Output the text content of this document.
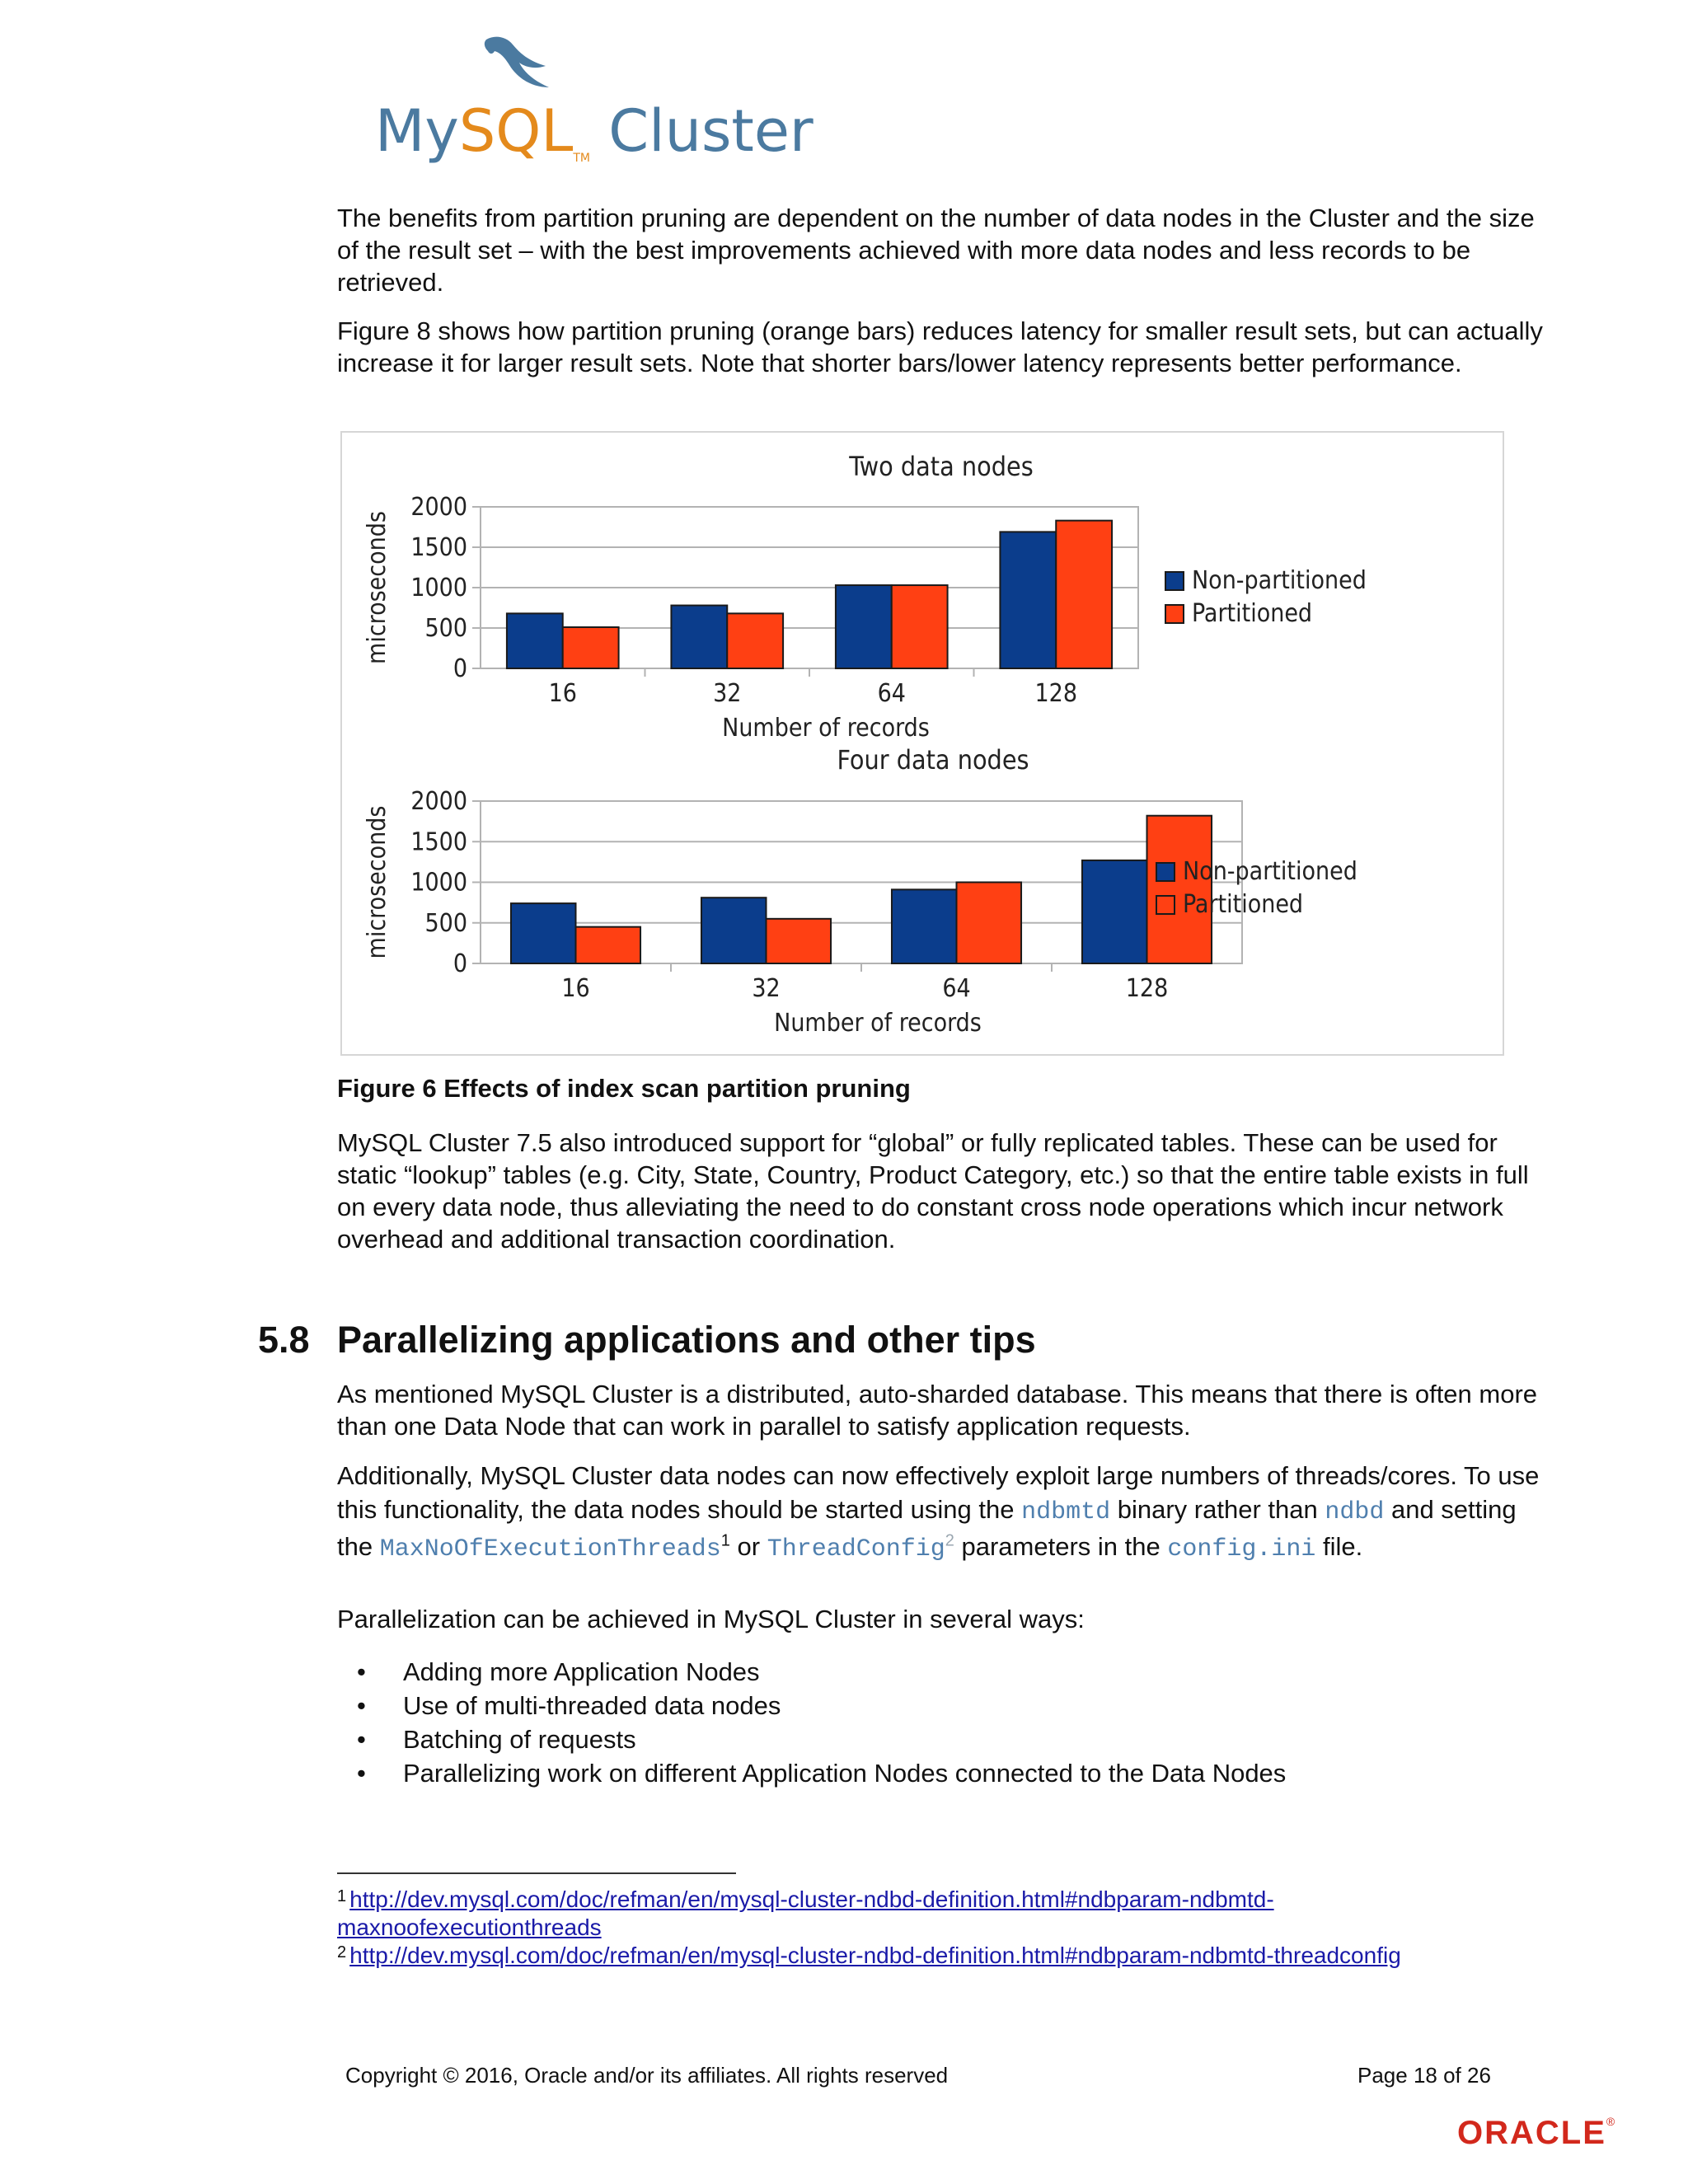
MySQLTM Cluster

The benefits from partition pruning are dependent on the number of data nodes in the Cluster and the size of the result set – with the best improvements achieved with more data nodes and less records to be retrieved.

Figure 8 shows how partition pruning (orange bars) reduces latency for smaller result sets, but can actually increase it for larger result sets. Note that shorter bars/lower latency represents better performance.

0
500
1000
1500
2000
16	32	64	128
Two data nodes
Number of records
microseconds	Non-partitioned
Partitioned
0
500
1000
1500
2000
16	32	64	128
Four data nodes
Number of records
microseconds	Non-partitioned
Partitioned
Figure 6 Effects of index scan partition pruning

MySQL Cluster 7.5 also introduced support for “global” or fully replicated tables. These can be used for static “lookup” tables (e.g. City, State, Country, Product Category, etc.) so that the entire table exists in full on every data node, thus alleviating the need to do constant cross node operations which incur network overhead and additional transaction coordination.

5.8 Parallelizing applications and other tips

As mentioned MySQL Cluster is a distributed, auto-sharded database. This means that there is often more than one Data Node that can work in parallel to satisfy application requests.

Additionally, MySQL Cluster data nodes can now effectively exploit large numbers of threads/cores. To use this functionality, the data nodes should be started using the ndbmtd binary rather than ndbd and setting the MaxNoOfExecutionThreads$^1$ or ThreadConfig$^2$ parameters in the config.ini file.

Parallelization can be achieved in MySQL Cluster in several ways:

• Adding more Application Nodes
• Use of multi-threaded data nodes
• Batching of requests
• Parallelizing work on different Application Nodes connected to the Data Nodes
$^1$ http://dev.mysql.com/doc/refman/en/mysql-cluster-ndbd-definition.html#ndbparam-ndbmtd-
maxnoofexecutionthreads
$^2$ http://dev.mysql.com/doc/refman/en/mysql-cluster-ndbd-definition.html#ndbparam-ndbmtd-threadconfig
Copyright © 2016, Oracle and/or its affiliates. All rights reserved	Page 18 of 26
ORACLE®
